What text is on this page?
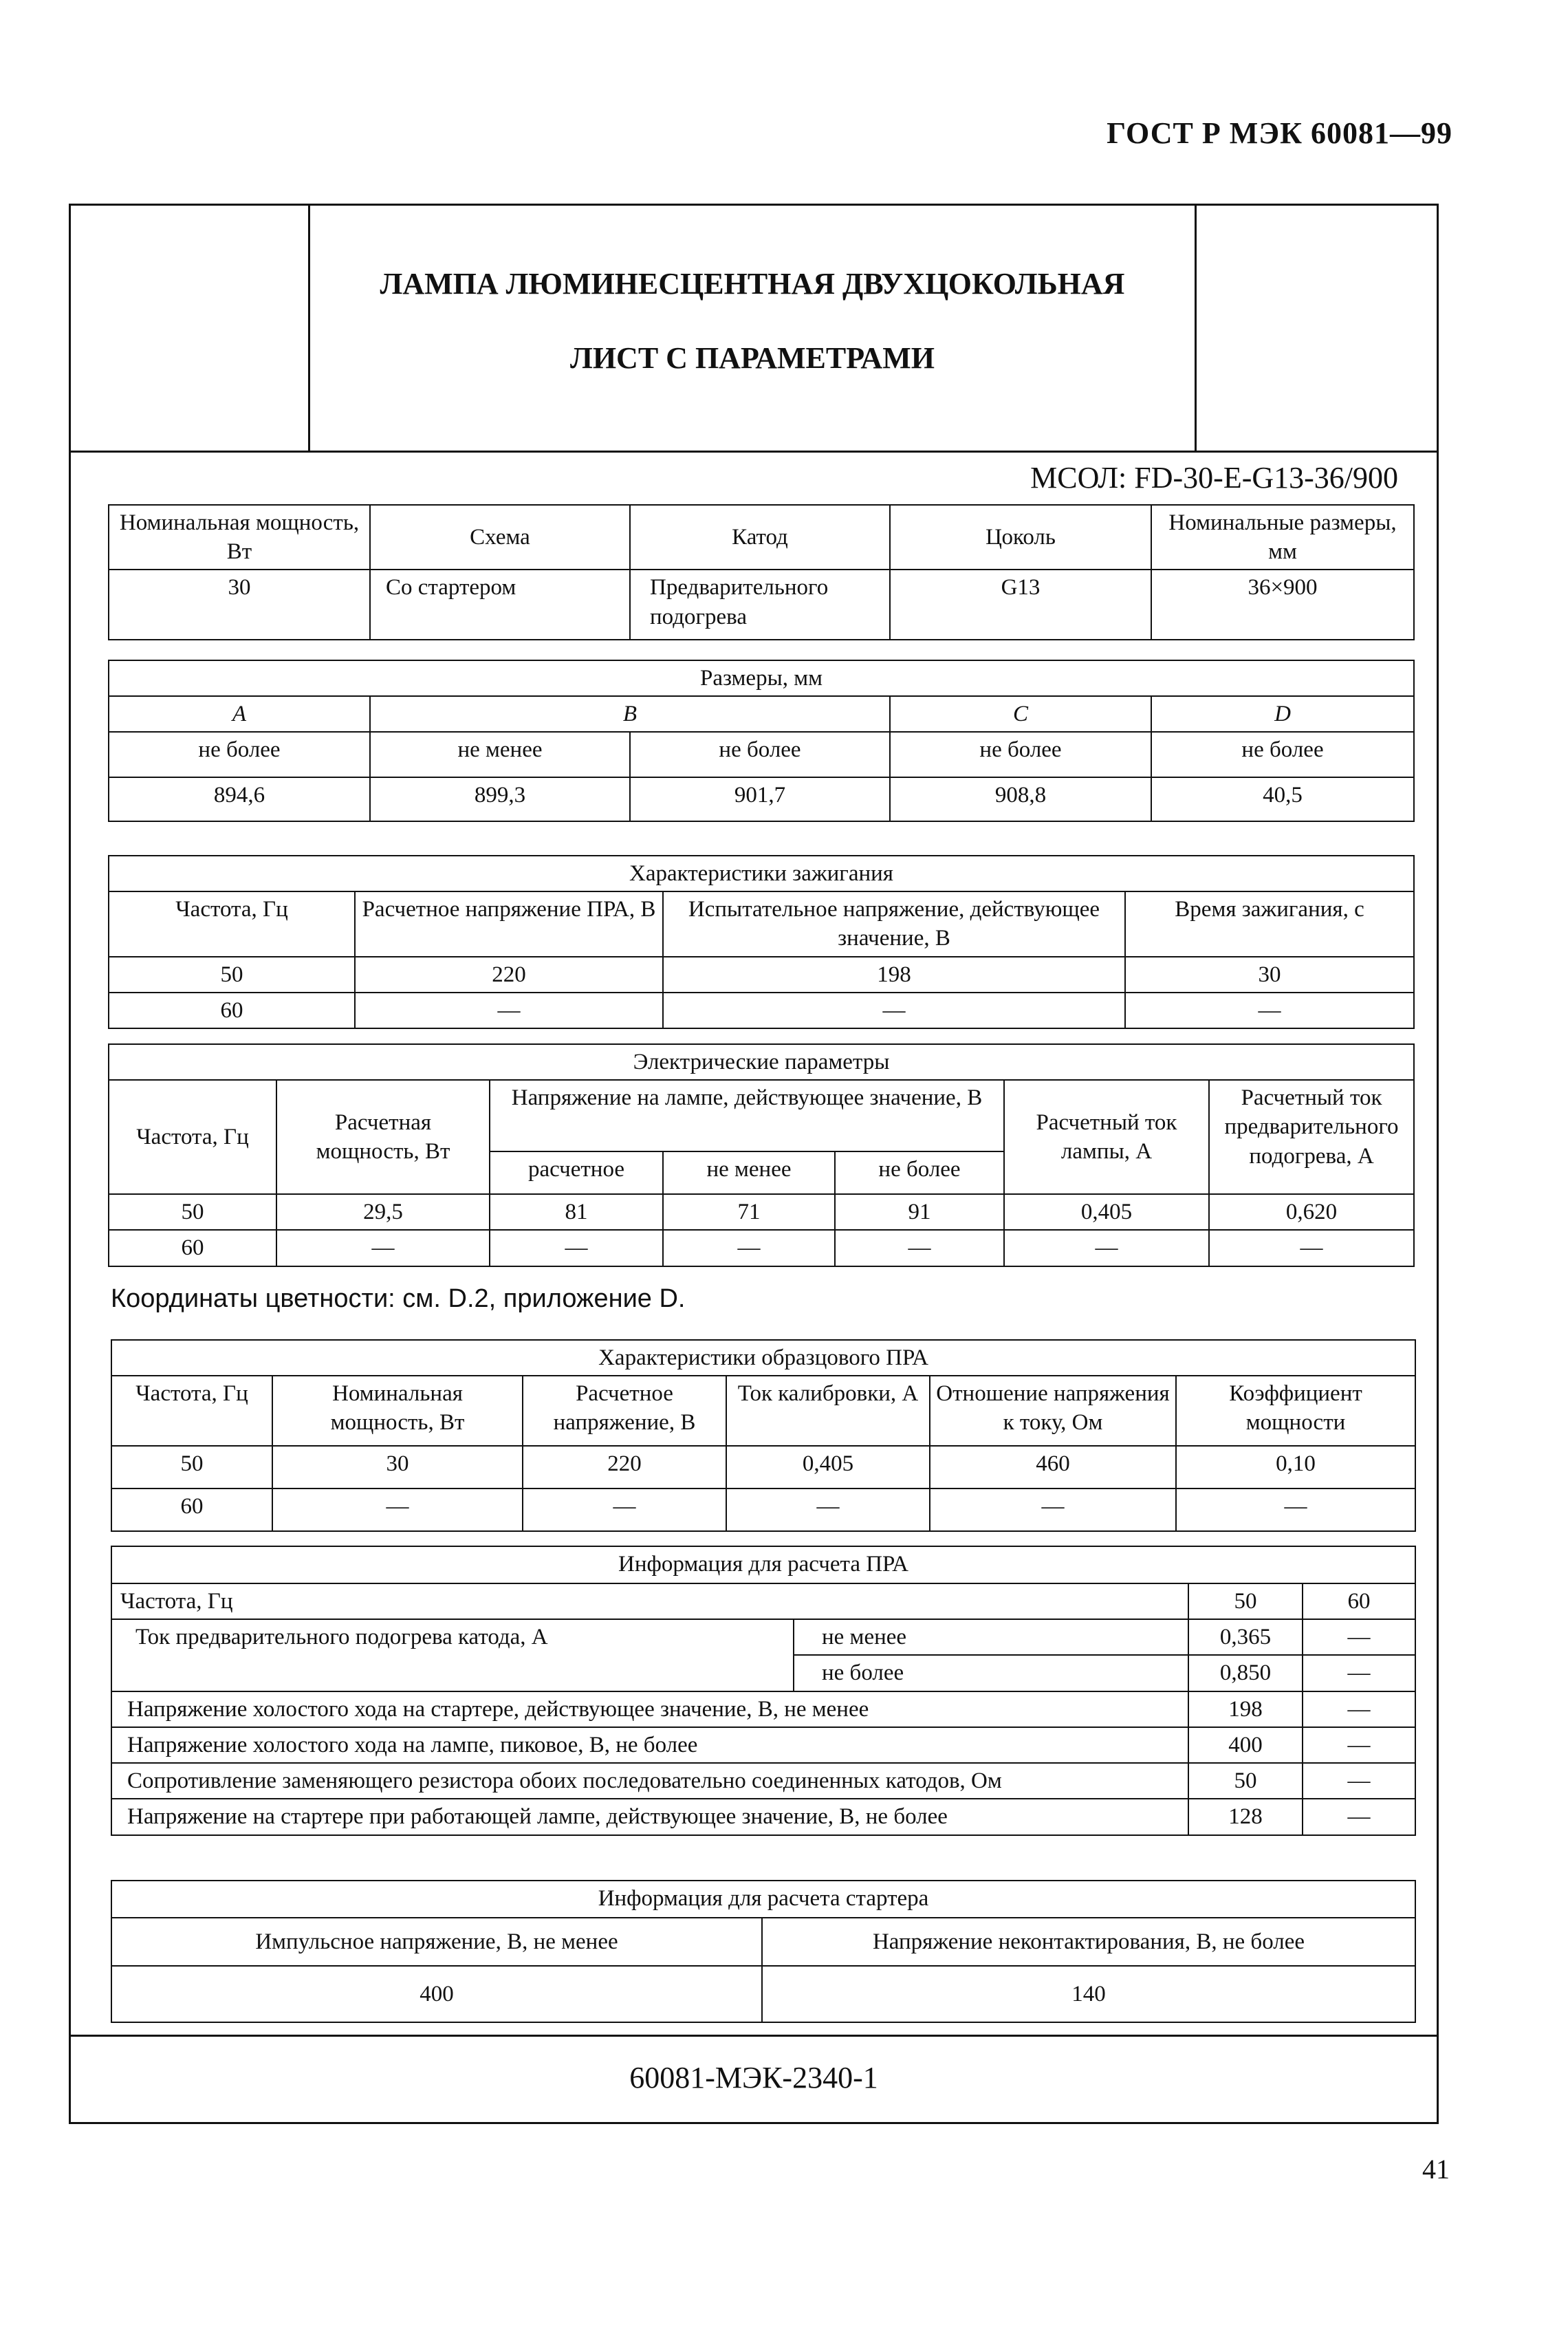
ГОСТ Р МЭК 60081—99
ЛАМПА ЛЮМИНЕСЦЕНТНАЯ ДВУХЦОКОЛЬНАЯ
ЛИСТ С ПАРАМЕТРАМИ
МСОЛ: FD-30-E-G13-36/900
Номинальная мощность, Вт	Схема	Катод	Цоколь	Номинальные размеры, мм
30	Со стартером	Предварительного подогрева	G13	36×900
Размеры, мм				
A	B		C	D
не более	не менее	не более	не более	не более
894,6	899,3	901,7	908,8	40,5
Характеристики зажигания			
Частота, Гц	Расчетное напряжение ПРА, В	Испытательное напряжение, действующее значение, В	Время зажигания, с
50	220	198	30
60	—	—	—
Электрические параметры						
Частота, Гц	Расчетная мощность, Вт	Напряжение на лампе, действующее значение, В			Расчетный ток лампы, А	Расчетный ток предварительного подогрева, А
		расчетное	не менее	не более		
50	29,5	81	71	91	0,405	0,620
60	—	—	—	—	—	—
Координаты цветности: см. D.2, приложение D.
Характеристики образцового ПРА					
Частота, Гц	Номинальная мощность, Вт	Расчетное напряжение, В	Ток калибровки, А	Отношение напряжения к току, Ом	Коэффициент мощности
50	30	220	0,405	460	0,10
60	—	—	—	—	—
Информация для расчета ПРА			
Частота, Гц		50	60
Ток предварительного подогрева катода, А	не менее	0,365	—
	не более	0,850	—
Напряжение холостого хода на стартере, действующее значение, В, не менее		198	—
Напряжение холостого хода на лампе, пиковое, В, не более		400	—
Сопротивление заменяющего резистора обоих последовательно соединенных катодов, Ом		50	—
Напряжение на стартере при работающей лампе, действующее значение, В, не более		128	—
Информация для расчета стартера	
Импульсное напряжение, В, не менее	Напряжение неконтактирования, В, не более
400	140
60081-МЭК-2340-1
41
